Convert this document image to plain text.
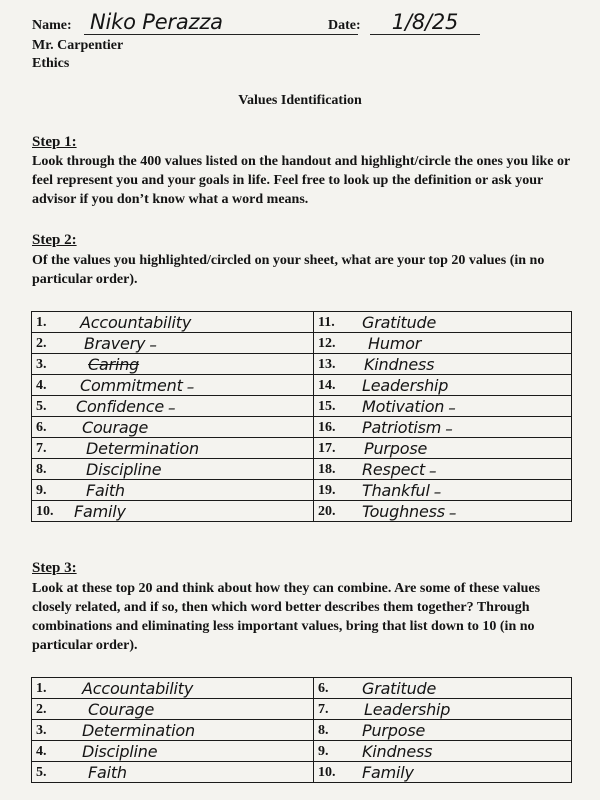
Name: Niko Perazza	Date:	1/8/25
Mr. Carpentier
Ethics
Values Identification
Step 1:
Look through the 400 values listed on the handout and highlight/circle the ones you like or feel represent you and your goals in life. Feel free to look up the definition or ask your advisor if you don’t know what a word means.
Step 2:
Of the values you highlighted/circled on your sheet, what are your top 20 values (in no particular order).
1. Accountability	11. Gratitude

2. Bravery –	12. Humor

3. Caring	13. Kindness

4. Commitment –	14. Leadership

5. Confidence –	15. Motivation –

6. Courage	16. Patriotism –

7. Determination	17. Purpose

8. Discipline	18. Respect –

9. Faith	19. Thankful –

10. Family	20. Toughness –
Step 3:
Look at these top 20 and think about how they can combine. Are some of these values closely related, and if so, then which word better describes them together? Through combinations and eliminating less important values, bring that list down to 10 (in no particular order).
1. Accountability	6. Gratitude

2. Courage	7. Leadership

3. Determination	8. Purpose

4. Discipline	9. Kindness

5. Faith	10. Family
